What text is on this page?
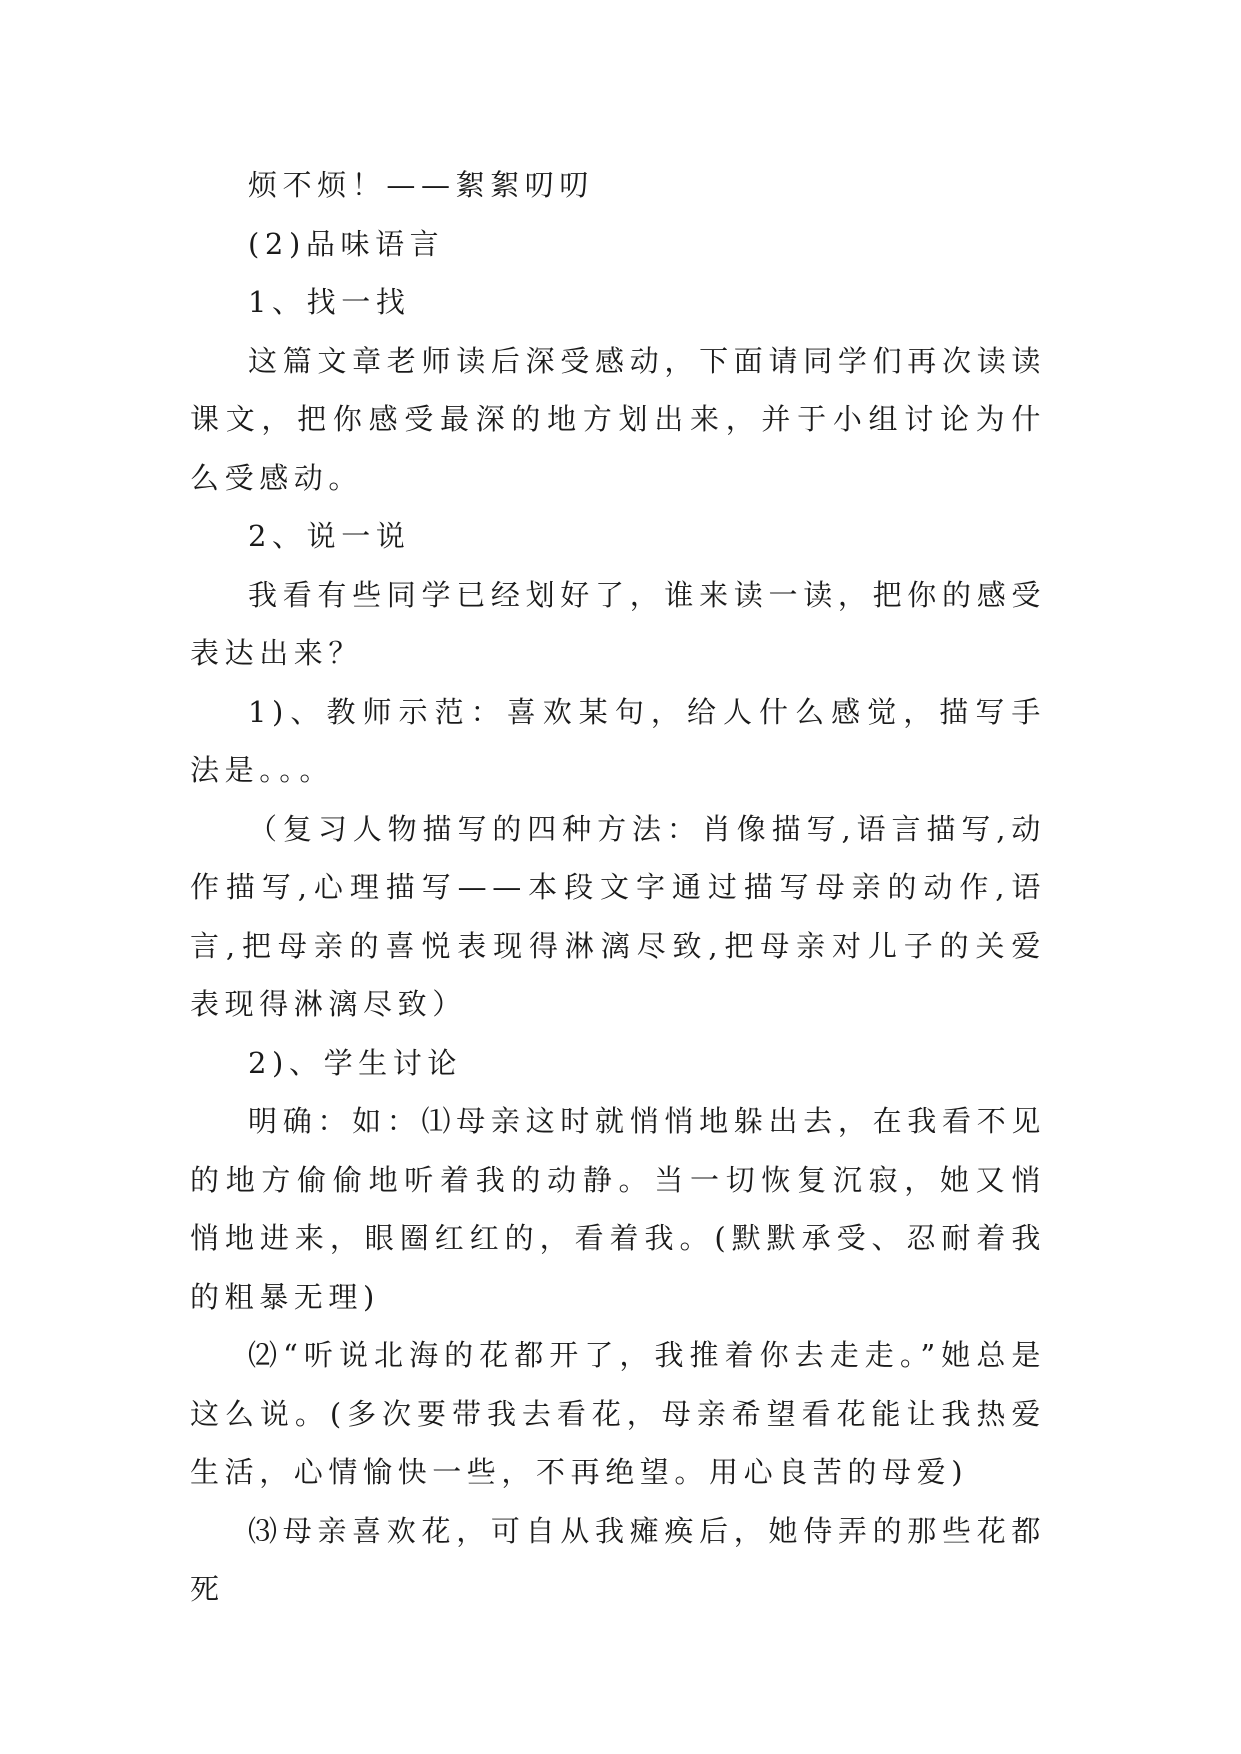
烦不烦！——絮絮叨叨

(2)品味语言

1、找一找

这篇文章老师读后深受感动，下面请同学们再次读读课文，把你感受最深的地方划出来，并于小组讨论为什么受感动。

2、说一说

我看有些同学已经划好了，谁来读一读，把你的感受表达出来？

1)、教师示范：喜欢某句，给人什么感觉，描写手法是。。。

（复习人物描写的四种方法：肖像描写,语言描写,动作描写,心理描写——本段文字通过描写母亲的动作,语言,把母亲的喜悦表现得淋漓尽致,把母亲对儿子的关爱表现得淋漓尽致）

2)、学生讨论

明确：如：⑴母亲这时就悄悄地躲出去，在我看不见的地方偷偷地听着我的动静。当一切恢复沉寂，她又悄悄地进来，眼圈红红的，看着我。(默默承受、忍耐着我的粗暴无理)

⑵“听说北海的花都开了，我推着你去走走。”她总是这么说。(多次要带我去看花，母亲希望看花能让我热爱生活，心情愉快一些，不再绝望。用心良苦的母爱)

⑶母亲喜欢花，可自从我瘫痪后，她侍弄的那些花都死
